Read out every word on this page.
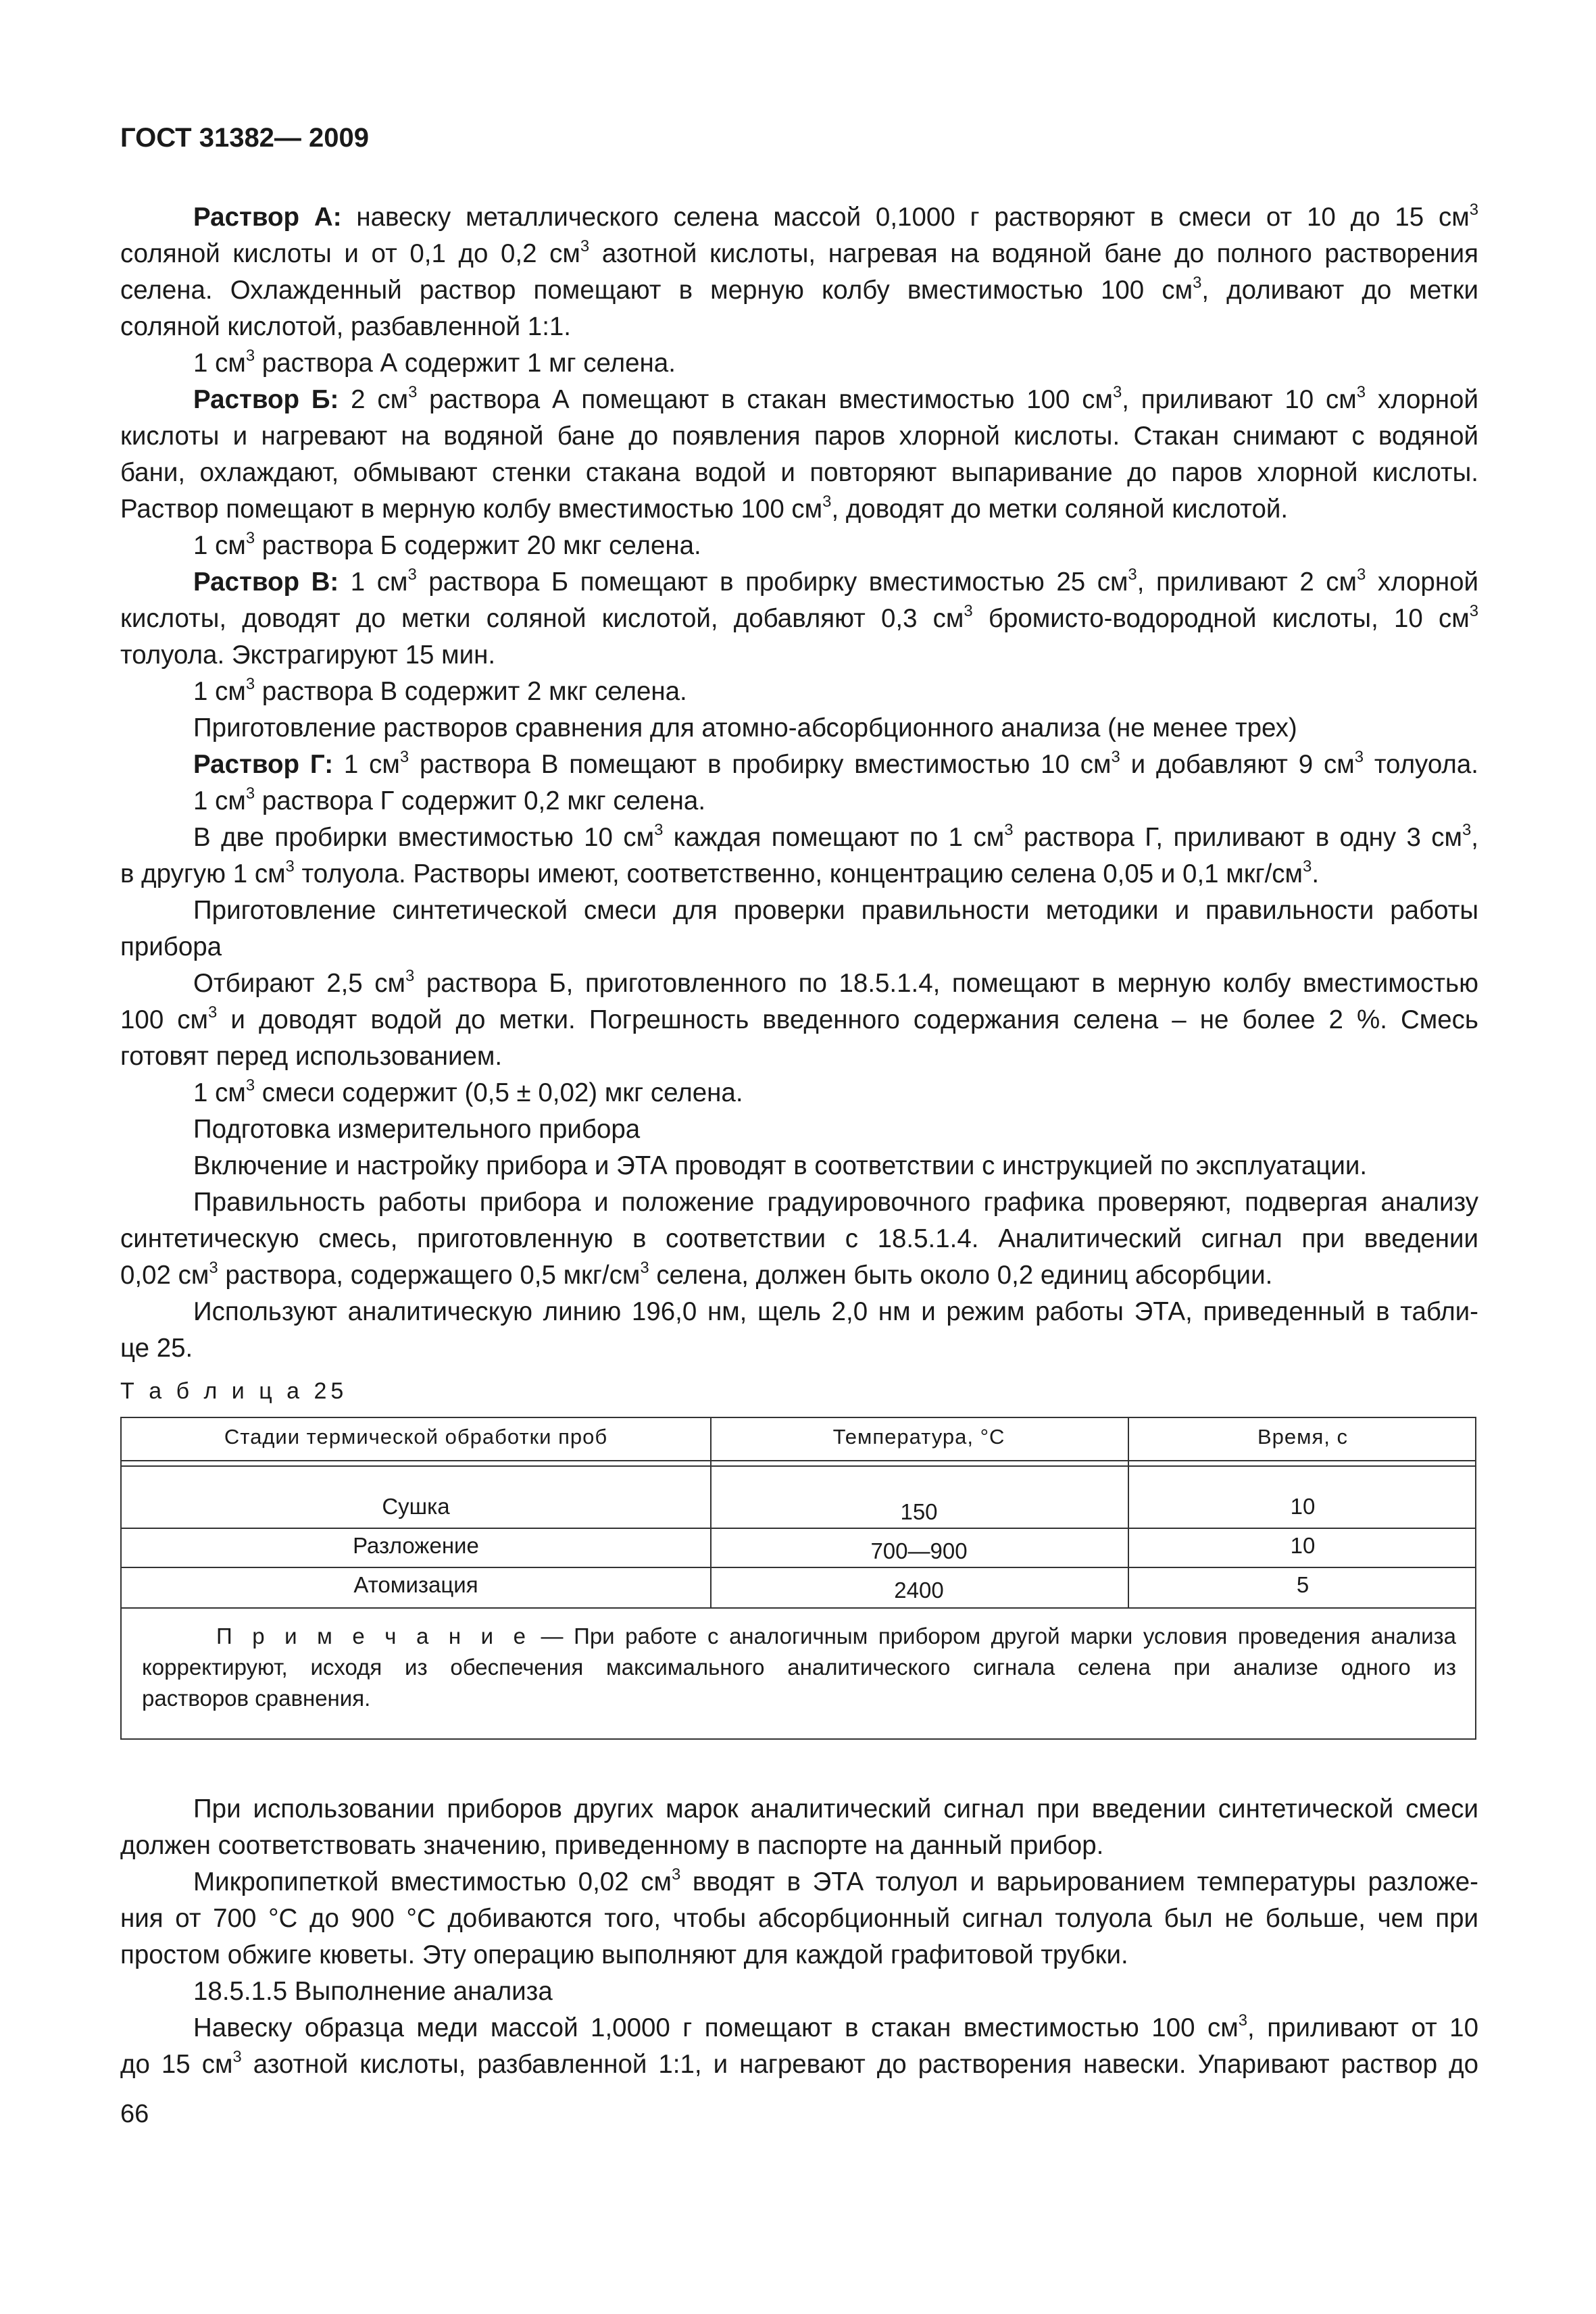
ГОСТ 31382— 2009
Раствор А: навеску металлического селена массой 0,1000 г растворяют в смеси от 10 до 15 $см^3$
соляной кислоты и от 0,1 до 0,2 $см^3$ азотной кислоты, нагревая на водяной бане до полного растворения
селена. Охлажденный раствор помещают в мерную колбу вместимостью 100 $см^3$, доливают до метки
соляной кислотой, разбавленной 1:1.
1 $см^3$ раствора А содержит 1 мг селена.
Раствор Б: 2 $см^3$ раствора А помещают в стакан вместимостью 100 $см^3$, приливают 10 $см^3$ хлорной
кислоты и нагревают на водяной бане до появления паров хлорной кислоты. Стакан снимают с водяной
бани, охлаждают, обмывают стенки стакана водой и повторяют выпаривание до паров хлорной кислоты.
Раствор помещают в мерную колбу вместимостью 100 $см^3$, доводят до метки соляной кислотой.
1 $см^3$ раствора Б содержит 20 мкг селена.
Раствор В: 1 $см^3$ раствора Б помещают в пробирку вместимостью 25 $см^3$, приливают 2 $см^3$ хлорной
кислоты, доводят до метки соляной кислотой, добавляют 0,3 $см^3$ бромисто-водородной кислоты, 10 $см^3$
толуола. Экстрагируют 15 мин.
1 $см^3$ раствора В содержит 2 мкг селена.
Приготовление растворов сравнения для атомно-абсорбционного анализа (не менее трех)
Раствор Г: 1 $см^3$ раствора В помещают в пробирку вместимостью 10 $см^3$ и добавляют 9 $см^3$ толуола.
1 $см^3$ раствора Г содержит 0,2 мкг селена.
В две пробирки вместимостью 10 $см^3$ каждая помещают по 1 $см^3$ раствора Г, приливают в одну 3 $см^3$,
в другую 1 $см^3$ толуола. Растворы имеют, соответственно, концентрацию селена 0,05 и 0,1 мкг/$см^3$.
Приготовление синтетической смеси для проверки правильности методики и правильности работы
прибора
Отбирают 2,5 $см^3$ раствора Б, приготовленного по 18.5.1.4, помещают в мерную колбу вместимостью
100 $см^3$ и доводят водой до метки. Погрешность введенного содержания селена – не более 2 %. Смесь
готовят перед использованием.
1 $см^3$ смеси содержит (0,5 ± 0,02) мкг селена.
Подготовка измерительного прибора
Включение и настройку прибора и ЭТА проводят в соответствии с инструкцией по эксплуатации.
Правильность работы прибора и положение градуировочного графика проверяют, подвергая анализу
синтетическую смесь, приготовленную в соответствии с 18.5.1.4. Аналитический сигнал при введении
0,02 $см^3$ раствора, содержащего 0,5 мкг/$см^3$ селена, должен быть около 0,2 единиц абсорбции.
Используют аналитическую линию 196,0 нм, щель 2,0 нм и режим работы ЭТА, приведенный в табли-
це 25.
Т а б л и ц а 25
Стадии термической обработки проб	Температура, °С	Время, с
Сушка	150	10
Разложение	700—900	10
Атомизация	2400	5
П р и м е ч а н и е — При работе с аналогичным прибором другой марки условия проведения анализа
корректируют, исходя из обеспечения максимального аналитического сигнала селена при анализе одного из
растворов сравнения.
При использовании приборов других марок аналитический сигнал при введении синтетической смеси
должен соответствовать значению, приведенному в паспорте на данный прибор.
Микропипеткой вместимостью 0,02 $см^3$ вводят в ЭТА толуол и варьированием температуры разложе-
ния от 700 °С до 900 °С добиваются того, чтобы абсорбционный сигнал толуола был не больше, чем при
простом обжиге кюветы. Эту операцию выполняют для каждой графитовой трубки.
18.5.1.5 Выполнение анализа
Навеску образца меди массой 1,0000 г помещают в стакан вместимостью 100 $см^3$, приливают от 10
до 15 $см^3$ азотной кислоты, разбавленной 1:1, и нагревают до растворения навески. Упаривают раствор до
66
